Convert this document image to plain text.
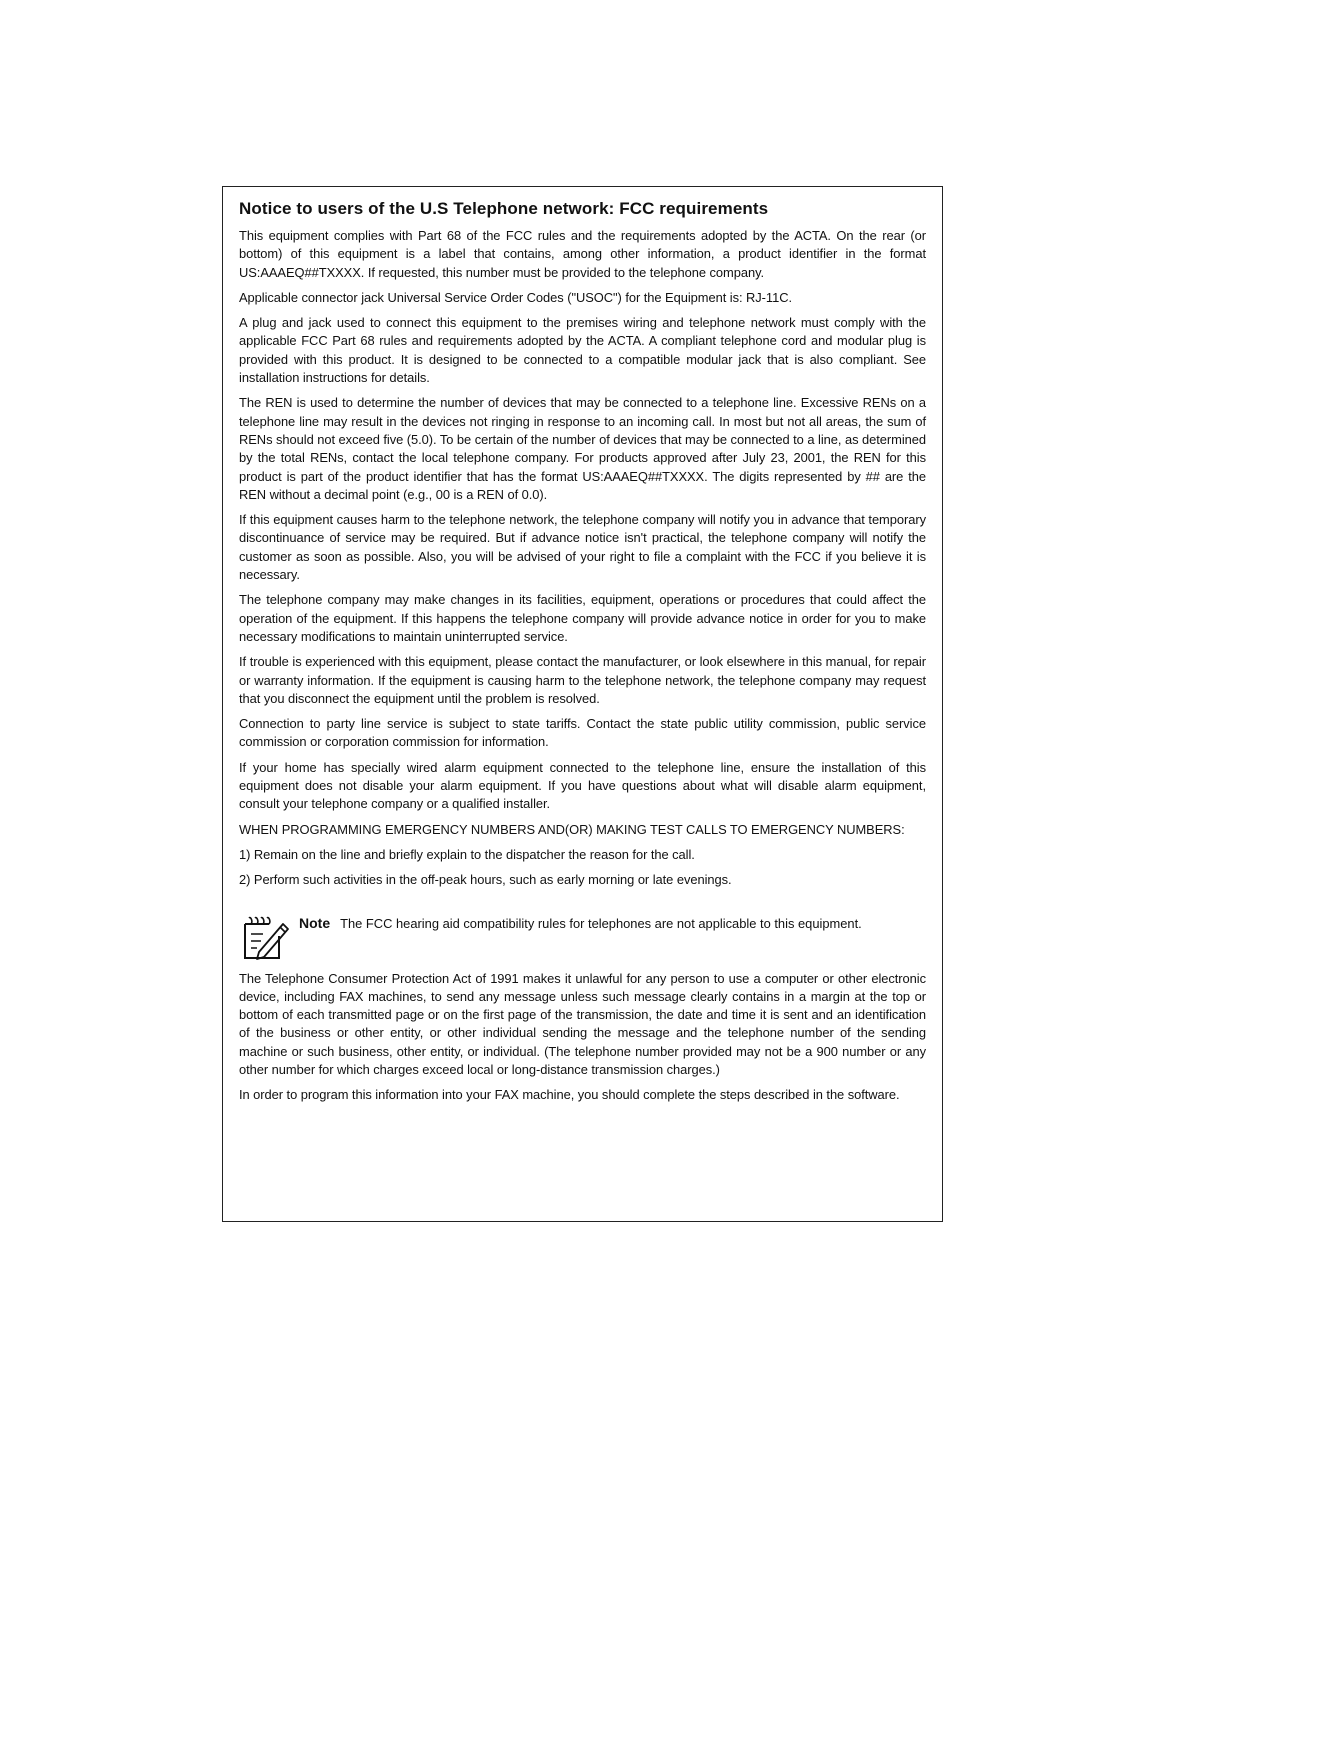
Notice to users of the U.S Telephone network: FCC requirements

This equipment complies with Part 68 of the FCC rules and the requirements adopted by the ACTA. On the rear (or bottom) of this equipment is a label that contains, among other information, a product identifier in the format US:AAAEQ##TXXXX. If requested, this number must be provided to the telephone company.

Applicable connector jack Universal Service Order Codes ("USOC") for the Equipment is: RJ-11C.

A plug and jack used to connect this equipment to the premises wiring and telephone network must comply with the applicable FCC Part 68 rules and requirements adopted by the ACTA. A compliant telephone cord and modular plug is provided with this product. It is designed to be connected to a compatible modular jack that is also compliant. See installation instructions for details.

The REN is used to determine the number of devices that may be connected to a telephone line. Excessive RENs on a telephone line may result in the devices not ringing in response to an incoming call. In most but not all areas, the sum of RENs should not exceed five (5.0). To be certain of the number of devices that may be connected to a line, as determined by the total RENs, contact the local telephone company. For products approved after July 23, 2001, the REN for this product is part of the product identifier that has the format US:AAAEQ##TXXXX. The digits represented by ## are the REN without a decimal point (e.g., 00 is a REN of 0.0).

If this equipment causes harm to the telephone network, the telephone company will notify you in advance that temporary discontinuance of service may be required. But if advance notice isn't practical, the telephone company will notify the customer as soon as possible. Also, you will be advised of your right to file a complaint with the FCC if you believe it is necessary.

The telephone company may make changes in its facilities, equipment, operations or procedures that could affect the operation of the equipment. If this happens the telephone company will provide advance notice in order for you to make necessary modifications to maintain uninterrupted service.

If trouble is experienced with this equipment, please contact the manufacturer, or look elsewhere in this manual, for repair or warranty information. If the equipment is causing harm to the telephone network, the telephone company may request that you disconnect the equipment until the problem is resolved.

Connection to party line service is subject to state tariffs. Contact the state public utility commission, public service commission or corporation commission for information.

If your home has specially wired alarm equipment connected to the telephone line, ensure the installation of this equipment does not disable your alarm equipment. If you have questions about what will disable alarm equipment, consult your telephone company or a qualified installer.

WHEN PROGRAMMING EMERGENCY NUMBERS AND(OR) MAKING TEST CALLS TO EMERGENCY NUMBERS:

1) Remain on the line and briefly explain to the dispatcher the reason for the call.

2) Perform such activities in the off-peak hours, such as early morning or late evenings.

Note The FCC hearing aid compatibility rules for telephones are not applicable to this equipment.

The Telephone Consumer Protection Act of 1991 makes it unlawful for any person to use a computer or other electronic device, including FAX machines, to send any message unless such message clearly contains in a margin at the top or bottom of each transmitted page or on the first page of the transmission, the date and time it is sent and an identification of the business or other entity, or other individual sending the message and the telephone number of the sending machine or such business, other entity, or individual. (The telephone number provided may not be a 900 number or any other number for which charges exceed local or long-distance transmission charges.)

In order to program this information into your FAX machine, you should complete the steps described in the software.
